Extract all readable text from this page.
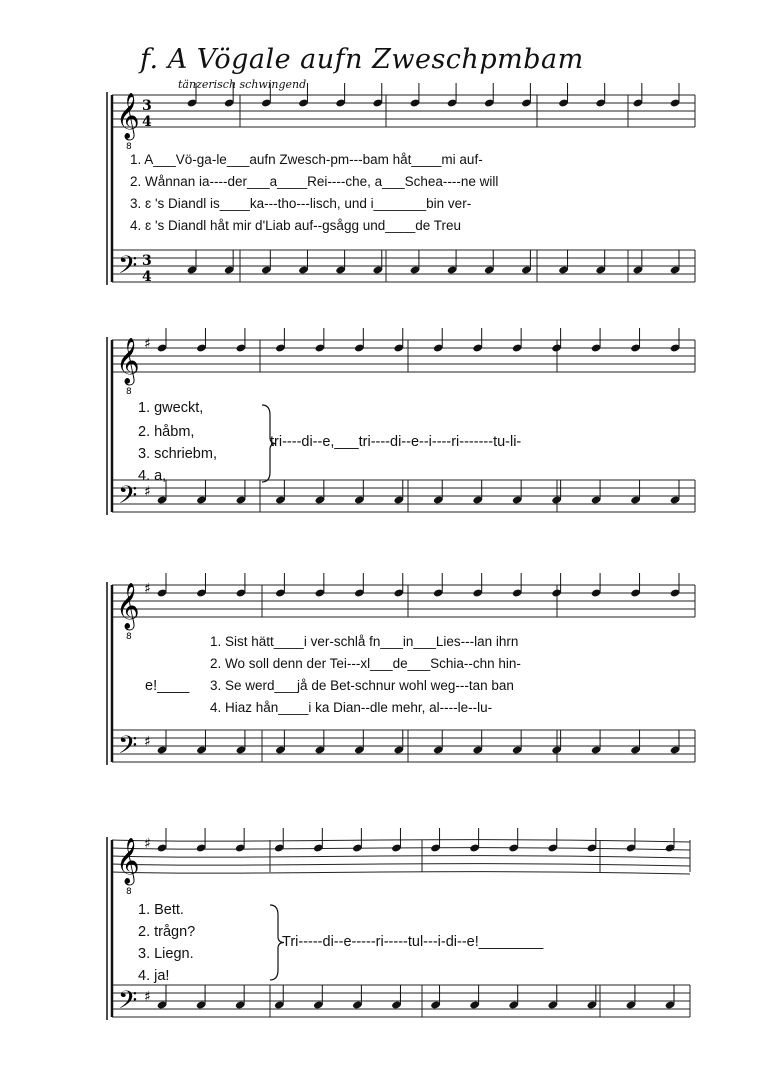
f. A Vögale aufn Zweschpmbam
tänzerisch schwingend
1. A___Vö-ga-le___aufn Zwesch-pm---bam håt____mi auf-
2. Wånnan ia----der___a____Rei----che, a___Schea----ne will
3. ɛ 's Diandl is____ka---tho---lisch, und i_______bin ver-
4. ɛ 's Diandl håt mir d'Liab auf--gsågg und____de Treu
1. gweckt,
2. håbm,
3. schriebm,
4. a,
tri----di--e,___tri----di--e--i----ri-------tu-li-
e!____
1. Sist hätt____i ver-schlå fn___in___Lies---lan ihrn
2. Wo soll denn der Tei---xl___de___Schia--chn hin-
3. Se werd___jå de Bet-schnur wohl weg---tan ban
4. Hiaz hån____i ka Dian--dle mehr, al----le--lu-
1. Bett.
2. trågn?
3. Liegn.
4. ja!
Tri-----di--e-----ri-----tul---i-di--e!________
𝄞
𝄢
8
3
4
3
4
𝄞
𝄢
8
♯
♯
𝄞
𝄢
8
♯
♯
𝄞
𝄢
8
♯
♯
